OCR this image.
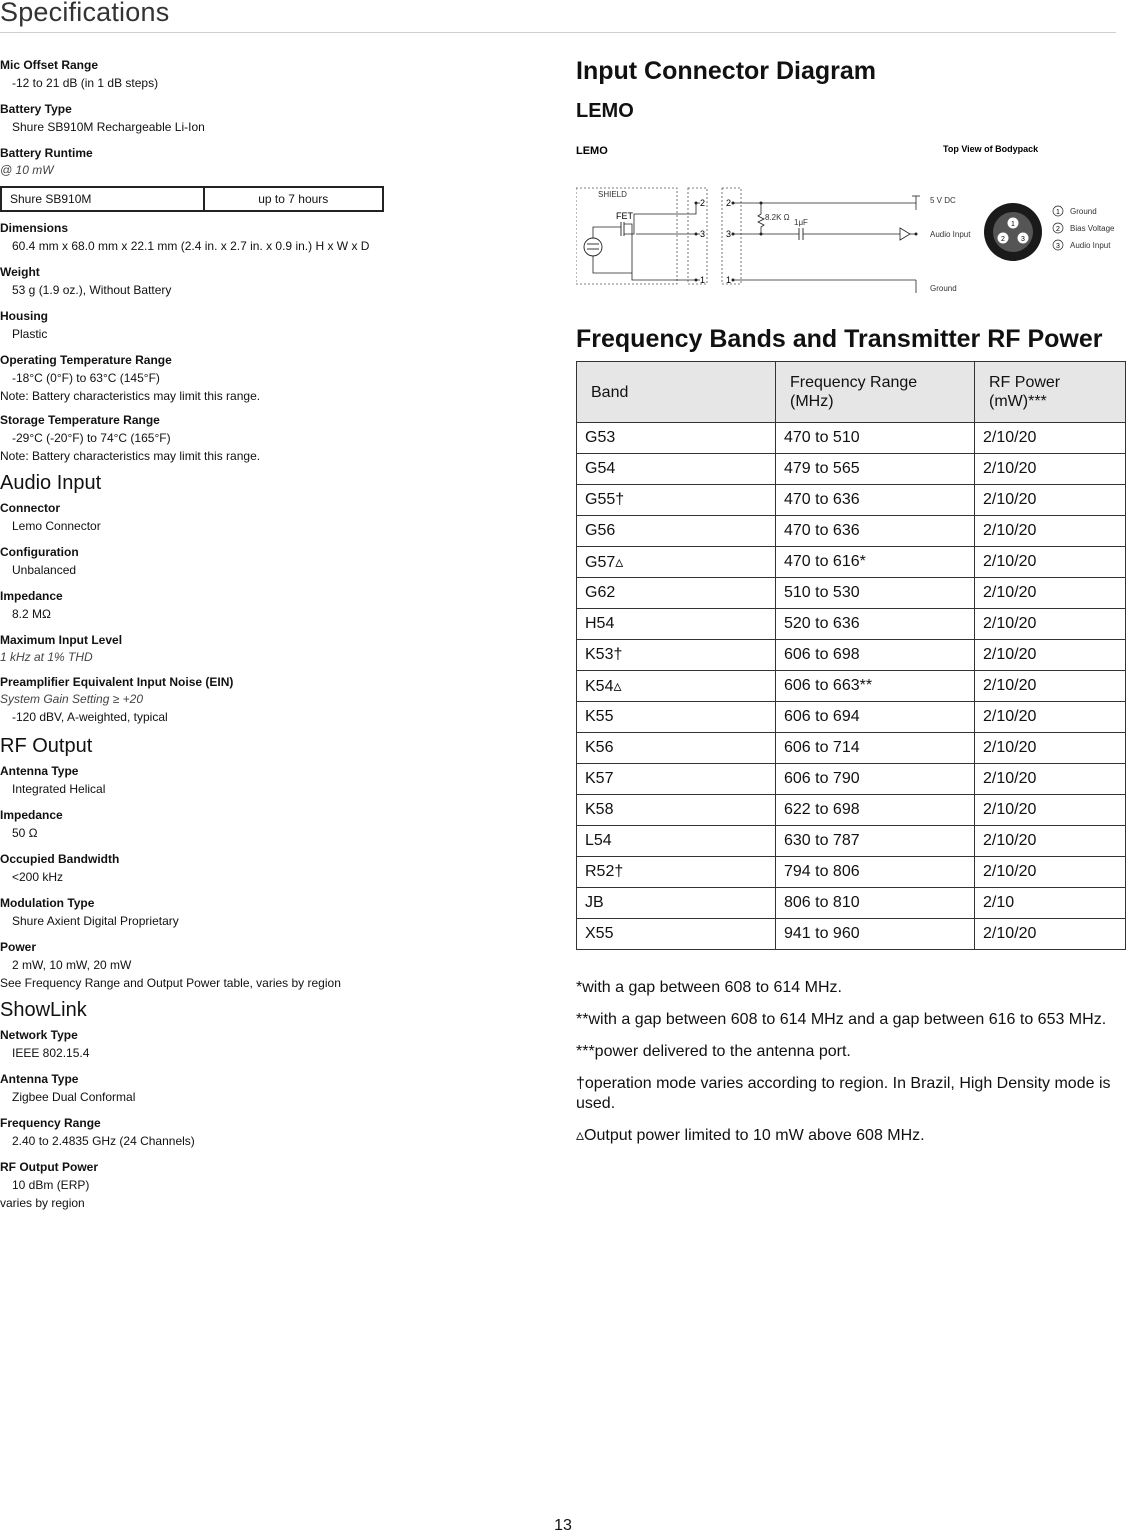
Specifications
Mic Offset Range
-12 to 21 dB (in 1 dB steps)
Battery Type
Shure SB910M Rechargeable Li-Ion
Battery Runtime
@ 10 mW
Shure SB910M	up to 7 hours
Dimensions
60.4 mm x 68.0 mm x 22.1 mm (2.4 in. x 2.7 in. x 0.9 in.) H x W x D
Weight
53 g (1.9 oz.), Without Battery
Housing
Plastic
Operating Temperature Range
-18°C (0°F) to 63°C (145°F)
Note: Battery characteristics may limit this range.
Storage Temperature Range
-29°C (-20°F) to 74°C (165°F)
Note: Battery characteristics may limit this range.
Audio Input
Connector
Lemo Connector
Configuration
Unbalanced
Impedance
8.2 MΩ
Maximum Input Level
1 kHz at 1% THD
Preamplifier Equivalent Input Noise (EIN)
System Gain Setting ≥ +20
-120 dBV, A-weighted, typical
RF Output
Antenna Type
Integrated Helical
Impedance
50 Ω
Occupied Bandwidth
<200 kHz
Modulation Type
Shure Axient Digital Proprietary
Power
2 mW, 10 mW, 20 mW
See Frequency Range and Output Power table, varies by region
ShowLink
Network Type
IEEE 802.15.4
Antenna Type
Zigbee Dual Conformal
Frequency Range
2.40 to 2.4835 GHz (24 Channels)
RF Output Power
10 dBm (ERP)
varies by region
Input Connector Diagram
LEMO
LEMO	Top View of Bodypack
SHIELD
FET
2
3
1
2
3
1
5 V DC
8.2K Ω
1μF
Audio Input
Ground
1
2 3
1 Ground
2 Bias Voltage
3 Audio Input
Frequency Bands and Transmitter RF Power
Band	Frequency Range (MHz)	RF Power (mW)***
G53	470 to 510	2/10/20
G54	479 to 565	2/10/20
G55†	470 to 636	2/10/20
G56	470 to 636	2/10/20
G57▵	470 to 616*	2/10/20
G62	510 to 530	2/10/20
H54	520 to 636	2/10/20
K53†	606 to 698	2/10/20
K54▵	606 to 663**	2/10/20
K55	606 to 694	2/10/20
K56	606 to 714	2/10/20
K57	606 to 790	2/10/20
K58	622 to 698	2/10/20
L54	630 to 787	2/10/20
R52†	794 to 806	2/10/20
JB	806 to 810	2/10
X55	941 to 960	2/10/20

*with a gap between 608 to 614 MHz.

**with a gap between 608 to 614 MHz and a gap between 616 to 653 MHz.

***power delivered to the antenna port.

†operation mode varies according to region. In Brazil, High Density mode is used.

▵Output power limited to 10 mW above 608 MHz.

13
